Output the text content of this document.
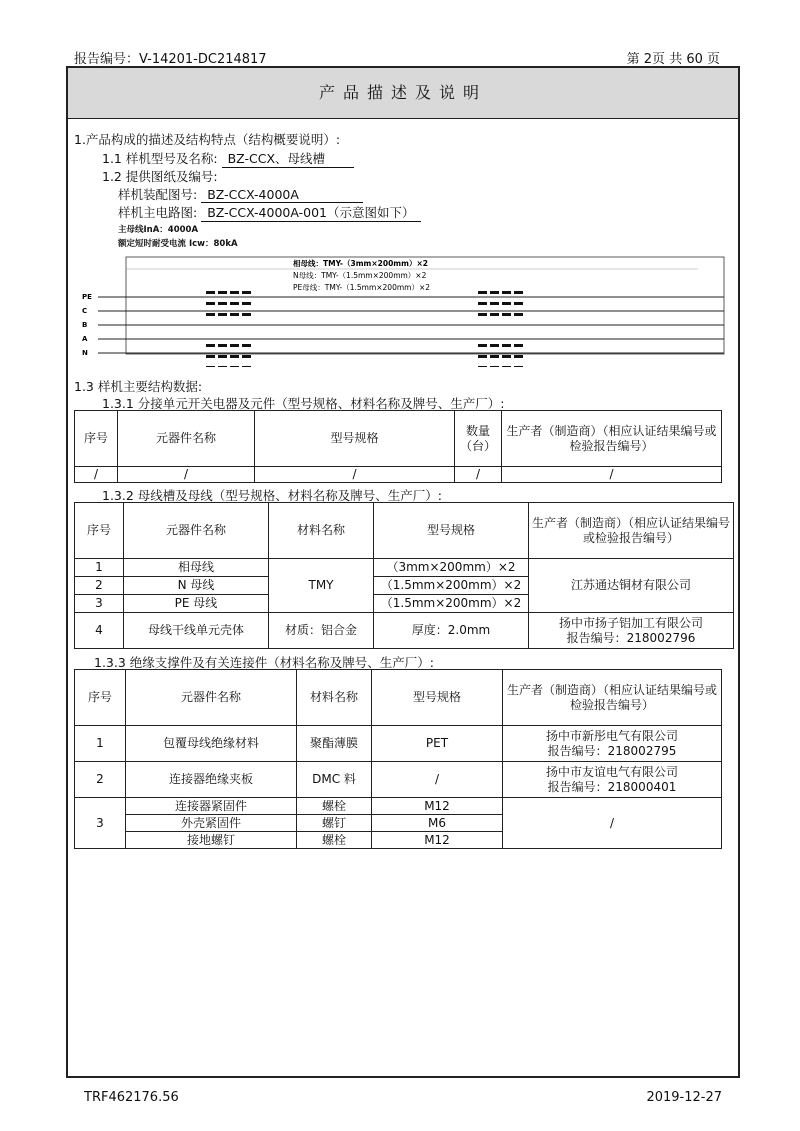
报告编号：V-14201-DC214817	第 2页 共 60 页
产品描述及说明
1.产品构成的描述及结构特点（结构概要说明）:
1.1 样机型号及名称: BZ-CCX、母线槽
1.2 提供图纸及编号:
样机装配图号: BZ-CCX-4000A
样机主电路图: BZ-CCX-4000A-001（示意图如下）
主母线InA：4000A
额定短时耐受电流 Icw：80kA
相母线：TMY-（3mm×200mm）×2
N母线：TMY-（1.5mm×200mm）×2
PE母线：TMY-（1.5mm×200mm）×2
PE
C
B
A
N
1.3 样机主要结构数据:
1.3.1 分接单元开关电器及元件（型号规格、材料名称及牌号、生产厂）:
序号	元器件名称	型号规格	数量（台）	生产者（制造商）（相应认证结果编号或检验报告编号）
/	/	/	/	/
1.3.2 母线槽及母线（型号规格、材料名称及牌号、生产厂）:
序号	元器件名称	材料名称	型号规格	生产者（制造商）（相应认证结果编号或检验报告编号）
1	相母线	TMY	（3mm×200mm）×2	江苏通达铜材有限公司
2	N 母线		（1.5mm×200mm）×2	
3	PE 母线		（1.5mm×200mm）×2	
4	母线干线单元壳体	材质：铝合金	厚度：2.0mm	扬中市扬子铝加工有限公司
报告编号：218002796
1.3.3 绝缘支撑件及有关连接件（材料名称及牌号、生产厂）:
序号	元器件名称	材料名称	型号规格	生产者（制造商）（相应认证结果编号或检验报告编号）
1	包覆母线绝缘材料	聚酯薄膜	PET	扬中市新彤电气有限公司
报告编号：218002795

2	连接器绝缘夹板	DMC 料	/	扬中市友谊电气有限公司
报告编号：218000401

3	连接器紧固件	螺栓	M12	/
	外壳紧固件	螺钉	M6	
	接地螺钉	螺栓	M12	
TRF462176.56	2019-12-27
